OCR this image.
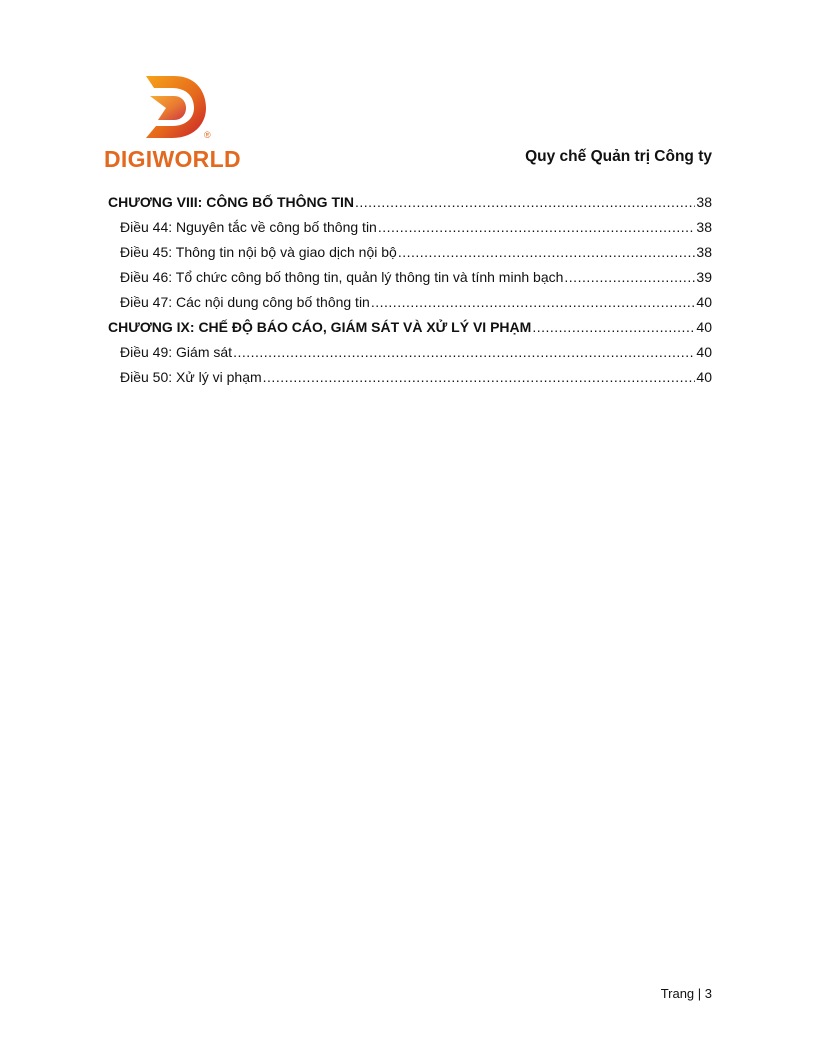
®
DIGIWORLD	Quy chế Quản trị Công ty
CHƯƠNG VIII: CÔNG BỐ THÔNG TIN .....	38
Điều 44: Nguyên tắc về công bố thông tin .....	38
Điều 45: Thông tin nội bộ và giao dịch nội bộ .....	38
Điều 46: Tổ chức công bố thông tin, quản lý thông tin và tính minh bạch .....	39
Điều 47: Các nội dung công bố thông tin .....	40
CHƯƠNG IX: CHẾ ĐỘ BÁO CÁO, GIÁM SÁT VÀ XỬ LÝ VI PHẠM .....	40
Điều 49: Giám sát .....	40
Điều 50: Xử lý vi phạm .....	40
Trang | 3
